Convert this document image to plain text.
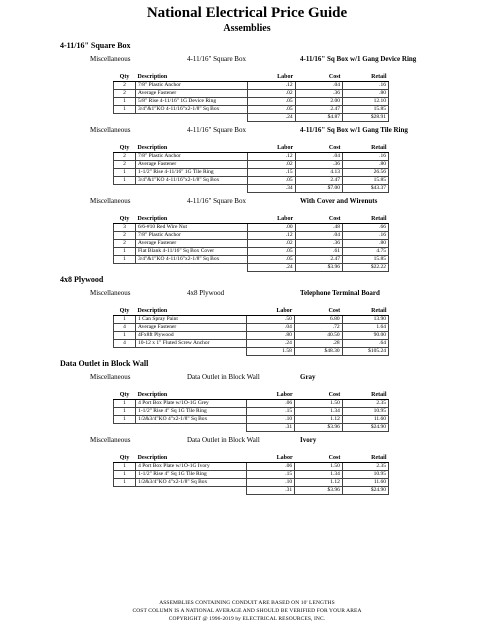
National Electrical Price Guide
Assemblies
4-11/16" Square Box
Miscellaneous	4-11/16" Square Box	4-11/16" Sq Box w/1 Gang Device Ring
Qty	Description	Labor	Cost	Retail
2	7/8" Plastic Anchor	.12	.04	.16
2	Average Fastener	.02	.36	.80
1	5/8" Rise 4-11/16" 1G Device Ring	.05	2.00	12.10
1	3/4"&1"KO 4-11/16"x2-1/8" Sq Box	.05	2.47	15.85
		.24	$4.87	$28.91
Miscellaneous	4-11/16" Square Box	4-11/16" Sq Box w/1 Gang Tile Ring
Qty	Description	Labor	Cost	Retail
2	7/8" Plastic Anchor	.12	.04	.16
2	Average Fastener	.02	.36	.80
1	1-1/2" Rise 4-11/16" 1G Tile Ring	.15	4.13	26.56
1	3/4"&1"KO 4-11/16"x2-1/8" Sq Box	.05	2.47	15.85
		.34	$7.00	$43.37
Miscellaneous	4-11/16" Square Box	With Cover and Wirenuts
Qty	Description	Labor	Cost	Retail
3	6/6-#10 Red Wire Nut	.00	.48	.66
2	7/8" Plastic Anchor	.12	.04	.16
2	Average Fastener	.02	.36	.80
1	Flat Blank 4-11/16" Sq Box Cover	.05	.61	4.75
1	3/4"&1"KO 4-11/16"x2-1/8" Sq Box	.05	2.47	15.85
		.24	$3.96	$22.22
4x8 Plywood
Miscellaneous	4x8 Plywood	Telephone Terminal Board
Qty	Description	Labor	Cost	Retail
1	1 Can Spray Paint	.50	6.80	13.90
4	Average Fastener	.04	.72	1.64
1	4Fx8ft Plywood	.80	40.50	90.00
4	10-12 x 1" Fluted Screw Anchor	.24	.28	.64
		1.58	$48.30	$105.24
Data Outlet in Block Wall
Miscellaneous	Data Outlet in Block Wall	Gray
Qty	Description	Labor	Cost	Retail
1	4 Port Box Plate w/1O-1G Grey	.06	1.50	2.35
1	1-1/2" Rise 4" Sq 1G Tile Ring	.15	1.34	10.95
1	1/2&3/4"KO 4"x2-1/8" Sq Box	.10	1.12	11.60
		.31	$3.96	$24.90
Miscellaneous	Data Outlet in Block Wall	Ivory
Qty	Description	Labor	Cost	Retail
1	4 Port Box Plate w/1O-1G Ivory	.06	1.50	2.35
1	1-1/2" Rise 4" Sq 1G Tile Ring	.15	1.34	10.95
1	1/2&3/4"KO 4"x2-1/8" Sq Box	.10	1.12	11.60
		.31	$3.96	$24.90
ASSEMBLIES CONTAINING CONDUIT ARE BASED ON 10' LENGTHS
COST COLUMN IS A NATIONAL AVERAGE AND SHOULD BE VERIFIED FOR YOUR AREA
COPYRIGHT @ 1996-2019 by ELECTRICAL RESOURCES, INC.
